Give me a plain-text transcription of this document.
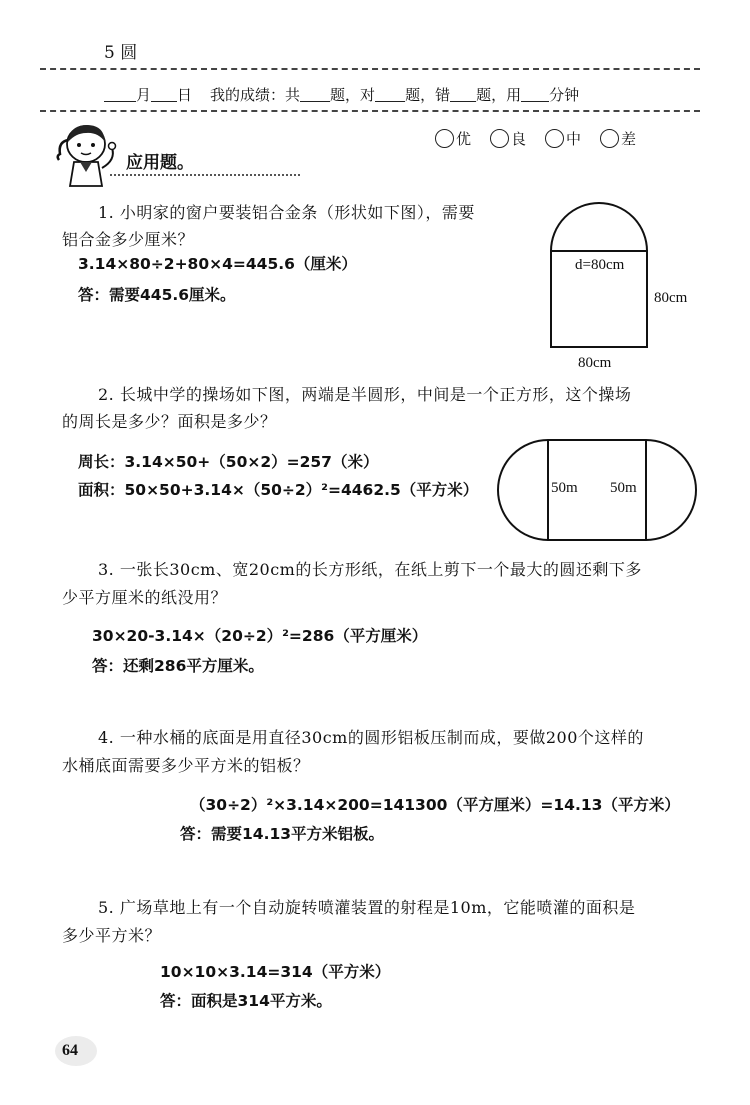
5 圆
月 日 我的成绩：共 题，对 题，错 题，用 分钟
应用题。
优	良	中	差
1. 小明家的窗户要装铝合金条（形状如下图），需要
铝合金多少厘米？
3.14×80÷2+80×4=445.6（厘米）
答：需要445.6厘米。
d=80cm
80cm
80cm
2. 长城中学的操场如下图，两端是半圆形，中间是一个正方形，这个操场
的周长是多少？面积是多少？
周长：3.14×50+（50×2）=257（米）
面积：50×50+3.14×（50÷2）²=4462.5（平方米）	50m 50m
3. 一张长30cm、宽20cm的长方形纸，在纸上剪下一个最大的圆还剩下多
少平方厘米的纸没用？
30×20-3.14×（20÷2）²=286（平方厘米）
答：还剩286平方厘米。
4. 一种水桶的底面是用直径30cm的圆形铝板压制而成，要做200个这样的
水桶底面需要多少平方米的铝板？
（30÷2）²×3.14×200=141300（平方厘米）=14.13（平方米）
答：需要14.13平方米铝板。
5. 广场草地上有一个自动旋转喷灌装置的射程是10m，它能喷灌的面积是
多少平方米？
10×10×3.14=314（平方米）
答：面积是314平方米。
64
